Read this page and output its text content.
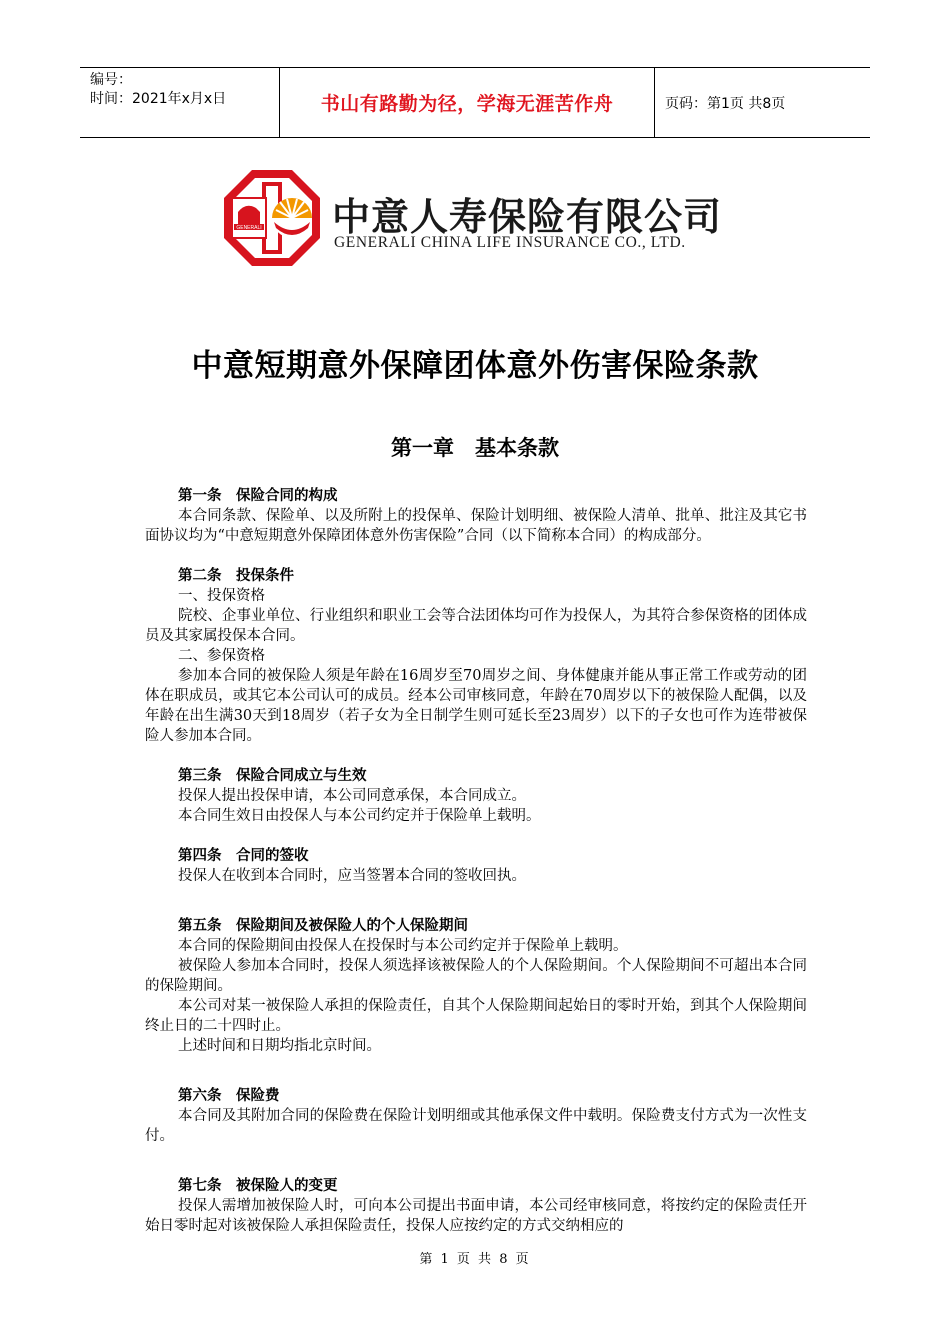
编号：
时间：2021年x月x日	书山有路勤为径，学海无涯苦作舟	页码：第1页 共8页
GENERALI 中意人寿保险有限公司
GENERALI CHINA LIFE INSURANCE CO., LTD.
中意短期意外保障团体意外伤害保险条款
第一章　基本条款
第一条　保险合同的构成
本合同条款、保险单、以及所附上的投保单、保险计划明细、被保险人清单、批单、批注及其它书面协议均为“中意短期意外保障团体意外伤害保险”合同（以下简称本合同）的构成部分。
第二条　投保条件
一、投保资格
院校、企事业单位、行业组织和职业工会等合法团体均可作为投保人，为其符合参保资格的团体成员及其家属投保本合同。
二、参保资格
参加本合同的被保险人须是年龄在16周岁至70周岁之间、身体健康并能从事正常工作或劳动的团体在职成员，或其它本公司认可的成员。经本公司审核同意，年龄在70周岁以下的被保险人配偶，以及年龄在出生满30天到18周岁（若子女为全日制学生则可延长至23周岁）以下的子女也可作为连带被保险人参加本合同。
第三条　保险合同成立与生效
投保人提出投保申请，本公司同意承保，本合同成立。
本合同生效日由投保人与本公司约定并于保险单上载明。
第四条　合同的签收
投保人在收到本合同时，应当签署本合同的签收回执。
第五条　保险期间及被保险人的个人保险期间
本合同的保险期间由投保人在投保时与本公司约定并于保险单上载明。
被保险人参加本合同时，投保人须选择该被保险人的个人保险期间。个人保险期间不可超出本合同的保险期间。
本公司对某一被保险人承担的保险责任，自其个人保险期间起始日的零时开始，到其个人保险期间终止日的二十四时止。
上述时间和日期均指北京时间。
第六条　保险费
本合同及其附加合同的保险费在保险计划明细或其他承保文件中载明。保险费支付方式为一次性支付。
第七条　被保险人的变更
投保人需增加被保险人时，可向本公司提出书面申请，本公司经审核同意，将按约定的保险责任开始日零时起对该被保险人承担保险责任，投保人应按约定的方式交纳相应的
第 1 页 共 8 页
